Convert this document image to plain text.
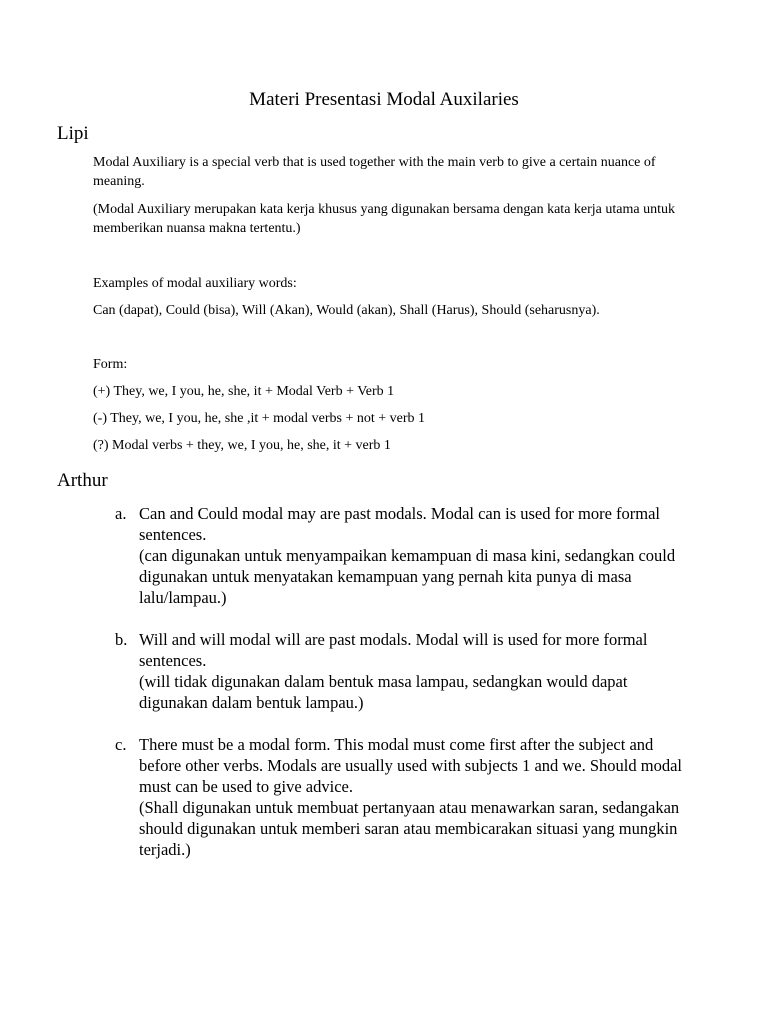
Materi Presentasi Modal Auxilaries
Lipi

Modal Auxiliary is a special verb that is used together with the main verb to give a certain nuance of meaning.

(Modal Auxiliary merupakan kata kerja khusus yang digunakan bersama dengan kata kerja utama untuk memberikan nuansa makna tertentu.)

Examples of modal auxiliary words:

Can (dapat), Could (bisa), Will (Akan), Would (akan), Shall (Harus), Should (seharusnya).

Form:

(+) They, we, I you, he, she, it + Modal Verb + Verb 1

(-) They, we, I you, he, she ,it + modal verbs + not + verb 1

(?) Modal verbs + they, we, I you, he, she, it + verb 1

Arthur
a. Can and Could modal may are past modals. Modal can is used for more formal sentences.

(can digunakan untuk menyampaikan kemampuan di masa kini, sedangkan could digunakan untuk menyatakan kemampuan yang pernah kita punya di masa lalu/lampau.)

b. Will and will modal will are past modals. Modal will is used for more formal sentences.

(will tidak digunakan dalam bentuk masa lampau, sedangkan would dapat digunakan dalam bentuk lampau.)

c. There must be a modal form. This modal must come first after the subject and before other verbs. Modals are usually used with subjects 1 and we. Should modal must can be used to give advice.

(Shall digunakan untuk membuat pertanyaan atau menawarkan saran, sedangakan should digunakan untuk memberi saran atau membicarakan situasi yang mungkin terjadi.)
